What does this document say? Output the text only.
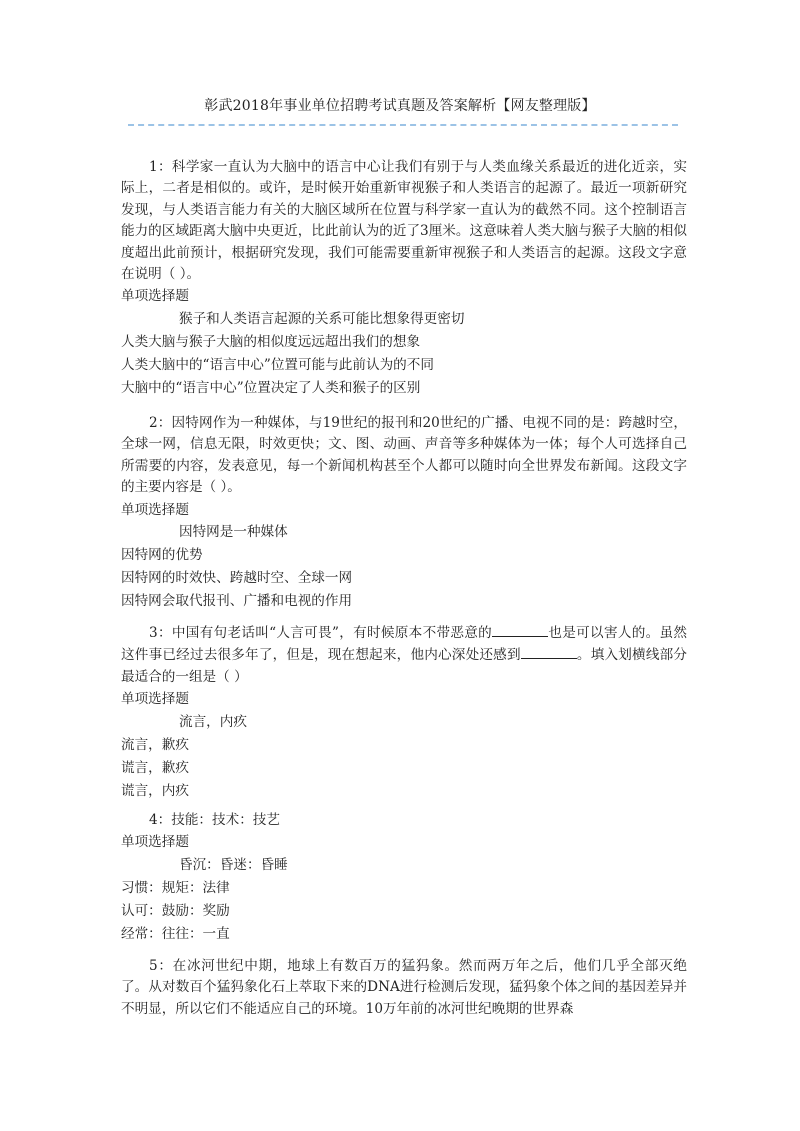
彰武2018年事业单位招聘考试真题及答案解析【网友整理版】

1：科学家一直认为大脑中的语言中心让我们有别于与人类血缘关系最近的进化近亲，实际上，二者是相似的。或许，是时候开始重新审视猴子和人类语言的起源了。最近一项新研究发现，与人类语言能力有关的大脑区域所在位置与科学家一直认为的截然不同。这个控制语言能力的区域距离大脑中央更近，比此前认为的近了3厘米。这意味着人类大脑与猴子大脑的相似度超出此前预计，根据研究发现，我们可能需要重新审视猴子和人类语言的起源。这段文字意在说明（ ）。

单项选择题
猴子和人类语言起源的关系可能比想象得更密切
人类大脑与猴子大脑的相似度远远超出我们的想象
人类大脑中的“语言中心”位置可能与此前认为的不同
大脑中的“语言中心”位置决定了人类和猴子的区别

2：因特网作为一种媒体，与19世纪的报刊和20世纪的广播、电视不同的是：跨越时空，全球一网，信息无限，时效更快；文、图、动画、声音等多种媒体为一体；每个人可选择自己所需要的内容，发表意见，每一个新闻机构甚至个人都可以随时向全世界发布新闻。这段文字的主要内容是（ ）。

单项选择题
因特网是一种媒体
因特网的优势
因特网的时效快、跨越时空、全球一网
因特网会取代报刊、广播和电视的作用

3：中国有句老话叫“人言可畏”，有时候原本不带恶意的	也是可以害人的。虽然这件事已经过去很多年了，但是，现在想起来，他内心深处还感到	。填入划横线部分最适合的一组是（ ）

单项选择题
流言，内疚
流言，歉疚
谎言，歉疚
谎言，内疚

4：技能：技术：技艺

单项选择题
昏沉：昏迷：昏睡
习惯：规矩：法律
认可：鼓励：奖励
经常：往往：一直

5：在冰河世纪中期，地球上有数百万的猛犸象。然而两万年之后，他们几乎全部灭绝了。从对数百个猛犸象化石上萃取下来的DNA进行检测后发现，猛犸象个体之间的基因差异并不明显，所以它们不能适应自己的环境。10万年前的冰河世纪晚期的世界森
